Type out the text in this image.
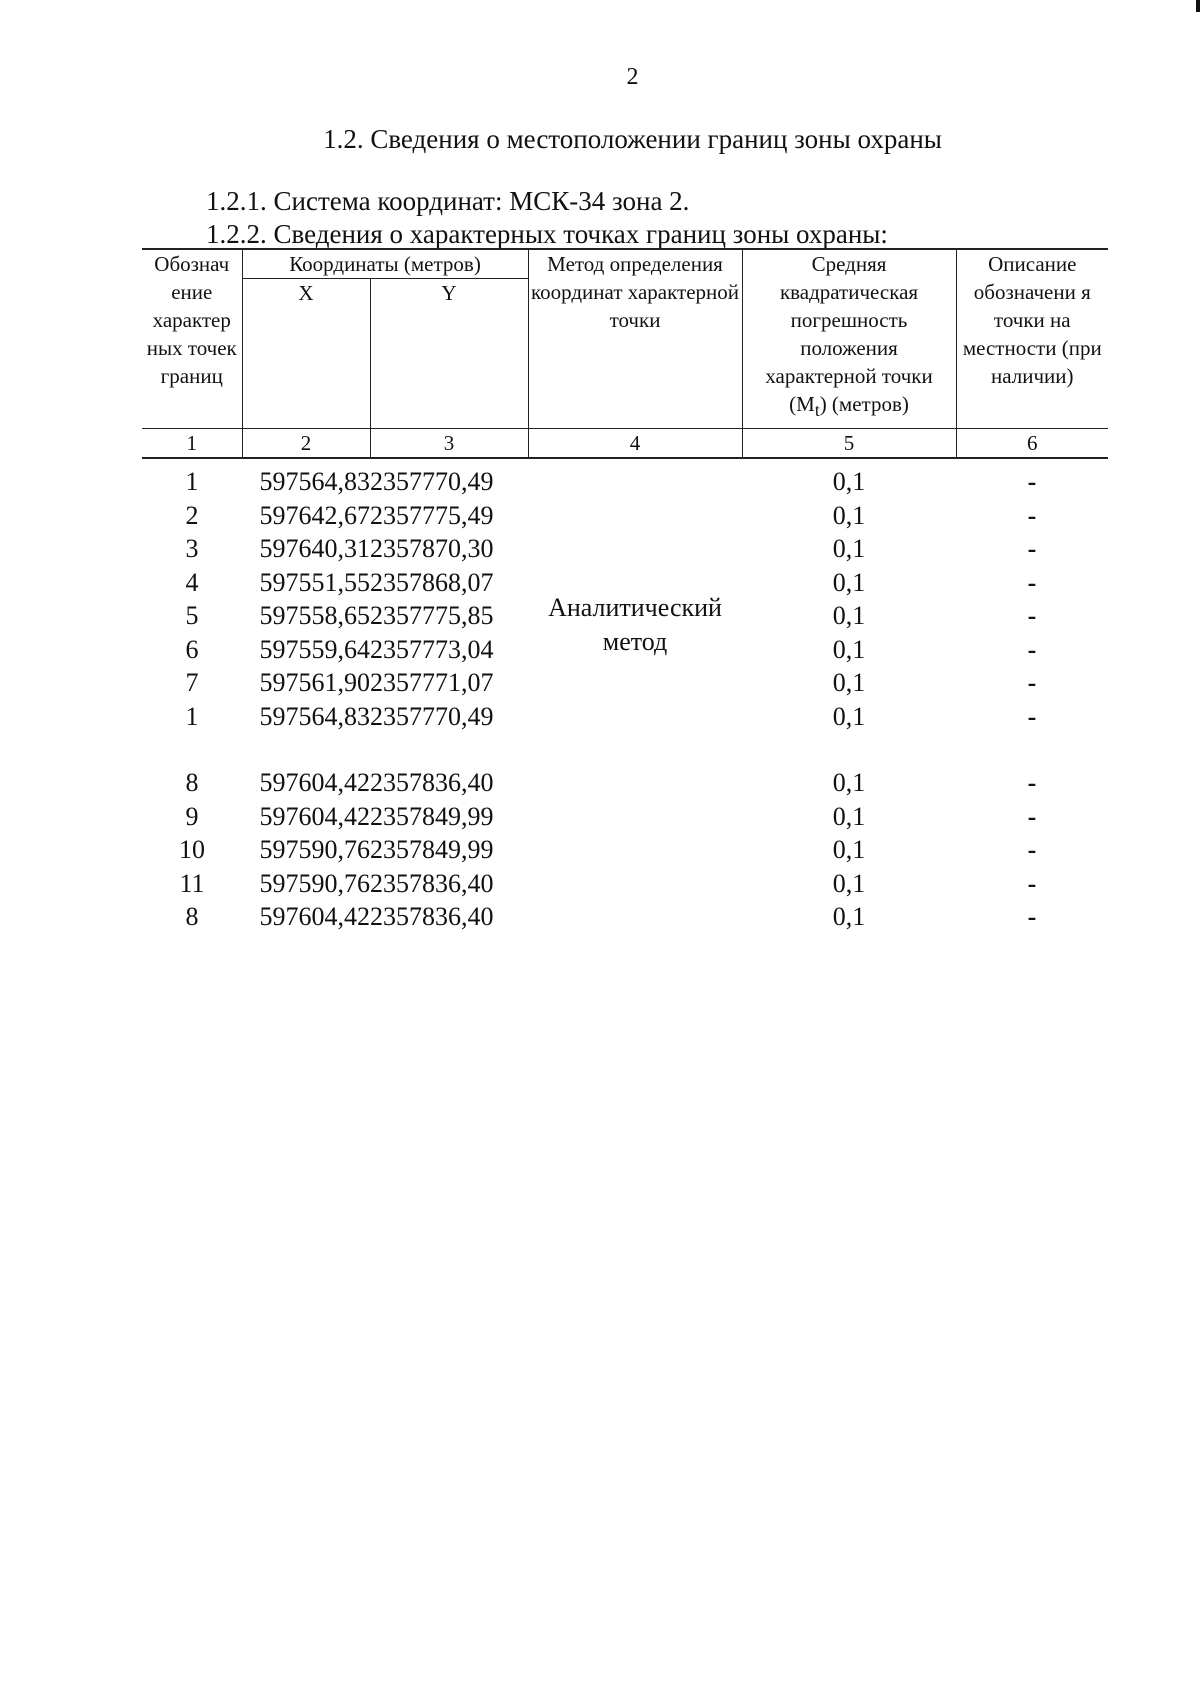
2
1.2. Сведения о местоположении границ зоны охраны
1.2.1. Система координат: МСК-34 зона 2.
1.2.2. Сведения о характерных точках границ зоны охраны:
Обознач ение характер ных точек границ	Координаты (метров)		Метод определения координат характерной точки	Средняя квадратическая погрешность положения характерной точки $(M_t)$ (метров)	Описание обозначени я точки на местности (при наличии)
	X	Y			
1	2	3	4	5	6
1	597564,83	2357770,49	Аналитический метод	0,1	-
2	597642,67	2357775,49		0,1	-
3	597640,31	2357870,30		0,1	-
4	597551,55	2357868,07		0,1	-
5	597558,65	2357775,85		0,1	-
6	597559,64	2357773,04		0,1	-
7	597561,90	2357771,07		0,1	-
1	597564,83	2357770,49		0,1	-

8	597604,42	2357836,40		0,1	-
9	597604,42	2357849,99		0,1	-
10	597590,76	2357849,99		0,1	-
11	597590,76	2357836,40		0,1	-
8	597604,42	2357836,40		0,1	-
